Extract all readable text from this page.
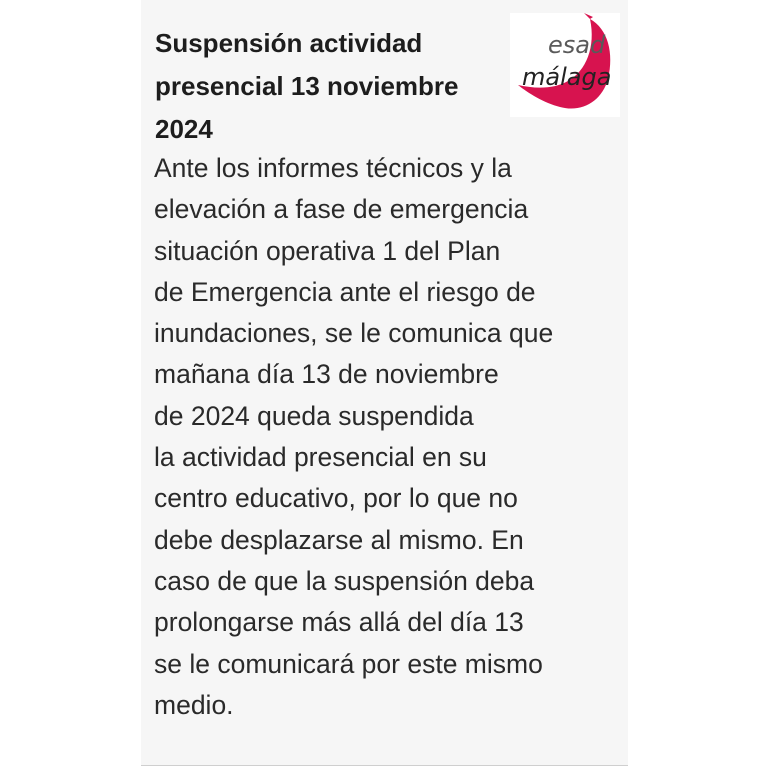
Suspensión actividad
presencial 13 noviembre
2024
esad
málaga
Ante los informes técnicos y la
elevación a fase de emergencia
situación operativa 1 del Plan
de Emergencia ante el riesgo de
inundaciones, se le comunica que
mañana día 13 de noviembre
de 2024 queda suspendida
la actividad presencial en su
centro educativo, por lo que no
debe desplazarse al mismo. En
caso de que la suspensión deba
prolongarse más allá del día 13
se le comunicará por este mismo
medio.
